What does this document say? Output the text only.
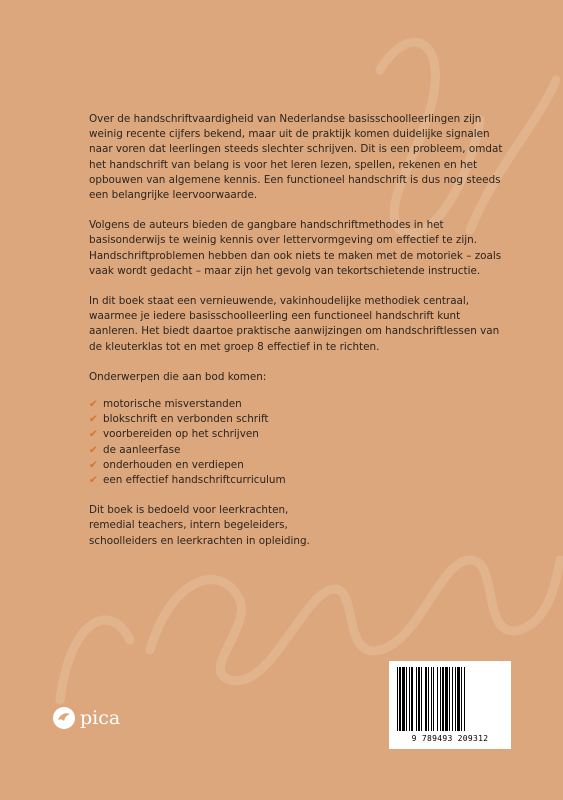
Over de handschriftvaardigheid van Nederlandse basisschoolleerlingen zijn weinig recente cijfers bekend, maar uit de praktijk komen duidelijke signalen naar voren dat leerlingen steeds slechter schrijven. Dit is een probleem, omdat het handschrift van belang is voor het leren lezen, spellen, rekenen en het opbouwen van algemene kennis. Een functioneel handschrift is dus nog steeds een belangrijke leervoorwaarde.

Volgens de auteurs bieden de gangbare handschriftmethodes in het basisonderwijs te weinig kennis over lettervormgeving om effectief te zijn. Handschriftproblemen hebben dan ook niets te maken met de motoriek – zoals vaak wordt gedacht – maar zijn het gevolg van tekortschietende instructie.

In dit boek staat een vernieuwende, vakinhoudelijke methodiek centraal, waarmee je iedere basisschoolleerling een functioneel handschrift kunt aanleren. Het biedt daartoe praktische aanwijzingen om handschriftlessen van de kleuterklas tot en met groep 8 effectief in te richten.

Onderwerpen die aan bod komen:

✔ motorische misverstanden
✔ blokschrift en verbonden schrift
✔ voorbereiden op het schrijven
✔ de aanleerfase
✔ onderhouden en verdiepen
✔ een effectief handschriftcurriculum

Dit boek is bedoeld voor leerkrachten,
remedial teachers, intern begeleiders,
schoolleiders en leerkrachten in opleiding.

pica
9 789493 209312
